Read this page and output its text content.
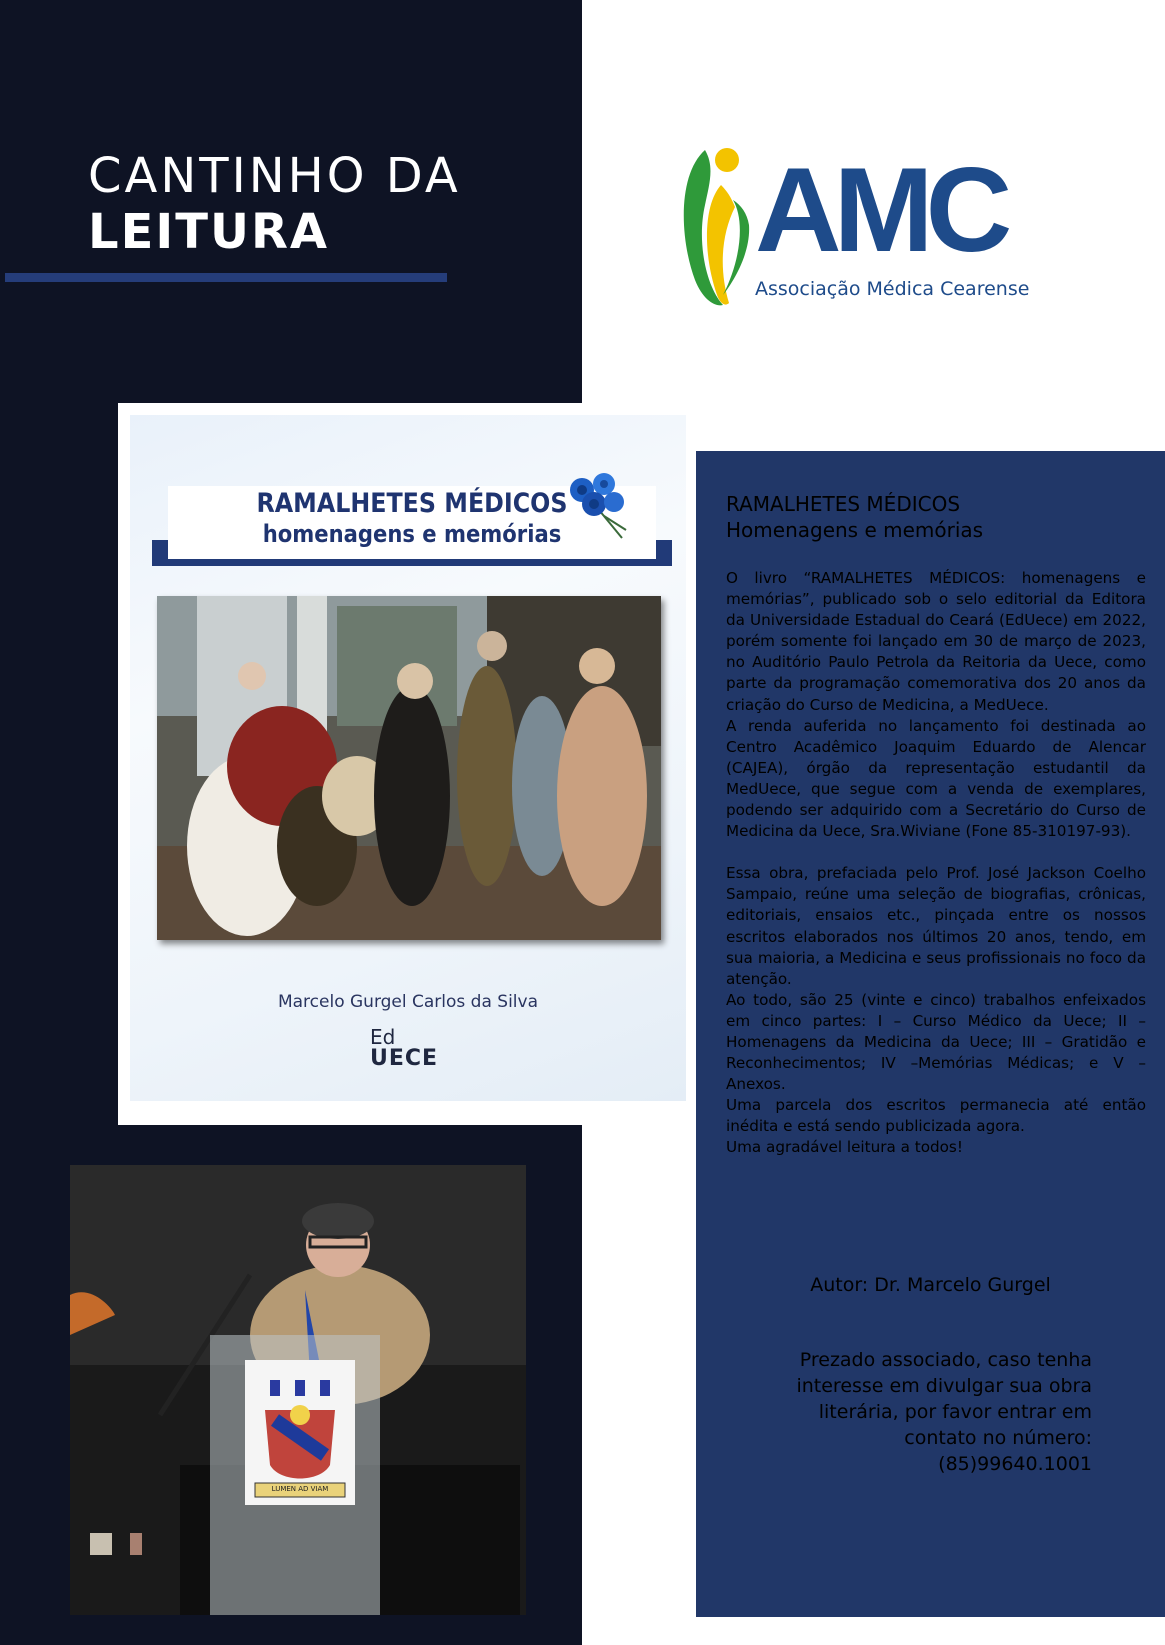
CANTINHO DA
LEITURA	AMC
Associação Médica Cearense
RAMALHETES MÉDICOS
homenagens e memórias
Marcelo Gurgel Carlos da Silva
Ed
UECE
LUMEN AD VIAM
RAMALHETES MÉDICOS
Homenagens e memórias

O livro “RAMALHETES MÉDICOS: homenagens e memórias”, publicado sob o selo editorial da Editora da Universidade Estadual do Ceará (EdUece) em 2022, porém somente foi lançado em 30 de março de 2023, no Auditório Paulo Petrola da Reitoria da Uece, como parte da programação comemorativa dos 20 anos da criação do Curso de Medicina, a MedUece.

A renda auferida no lançamento foi destinada ao Centro Acadêmico Joaquim Eduardo de Alencar (CAJEA), órgão da representação estudantil da MedUece, que segue com a venda de exemplares, podendo ser adquirido com a Secretário do Curso de Medicina da Uece, Sra.Wiviane (Fone 85-310197-93).

Essa obra, prefaciada pelo Prof. José Jackson Coelho Sampaio, reúne uma seleção de biografias, crônicas, editoriais, ensaios etc., pinçada entre os nossos escritos elaborados nos últimos 20 anos, tendo, em sua maioria, a Medicina e seus profissionais no foco da atenção.

Ao todo, são 25 (vinte e cinco) trabalhos enfeixados em cinco partes: I – Curso Médico da Uece; II – Homenagens da Medicina da Uece; III – Gratidão e Reconhecimentos; IV –Memórias Médicas; e V – Anexos.

Uma parcela dos escritos permanecia até então inédita e está sendo publicizada agora.

Uma agradável leitura a todos!

Autor: Dr. Marcelo Gurgel
Prezado associado, caso tenha
interesse em divulgar sua obra
literária, por favor entrar em
contato no número:
(85)99640.1001
